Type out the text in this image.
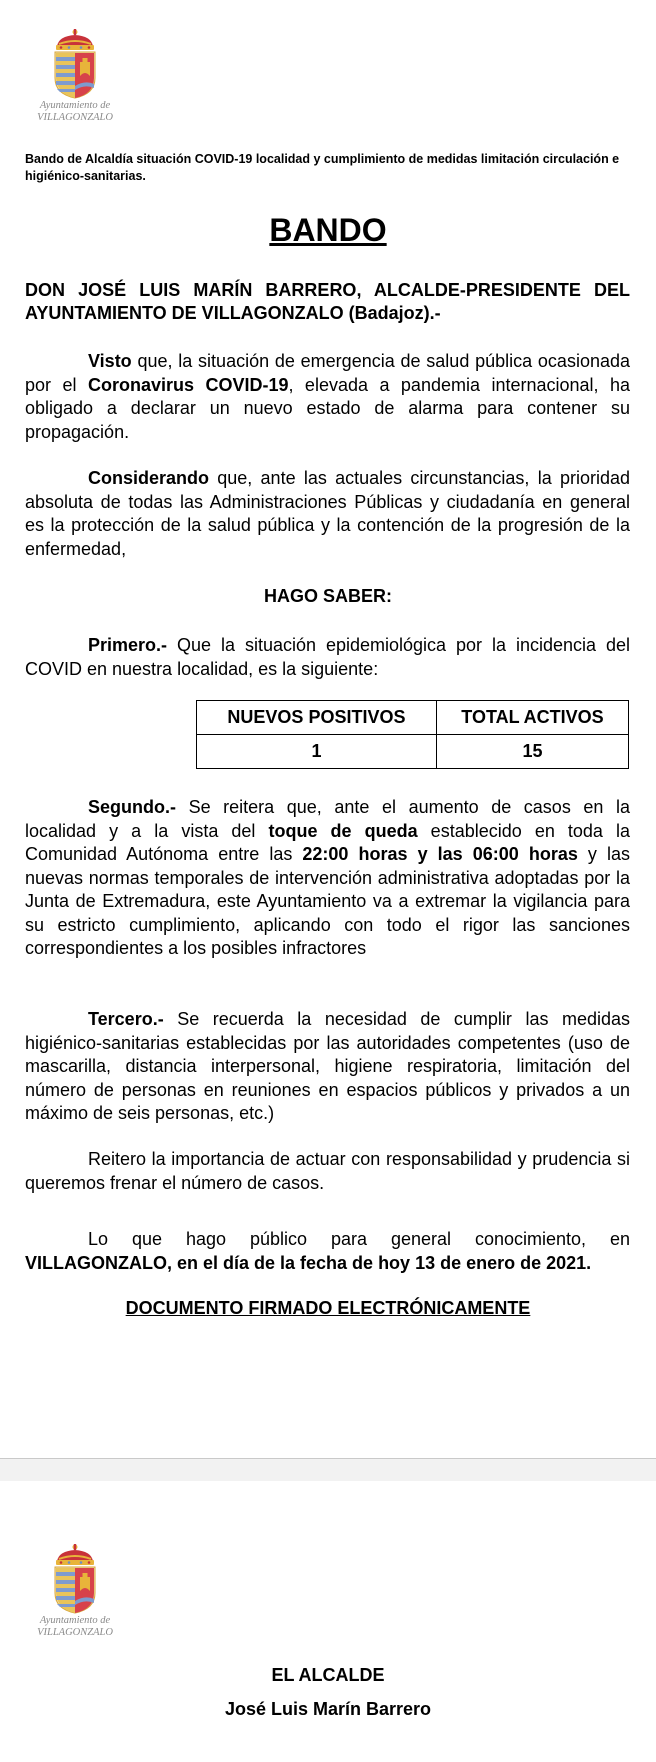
Ayuntamiento de
VILLAGONZALO
Bando de Alcaldía situación COVID-19 localidad y cumplimiento de medidas limitación circulación e higiénico-sanitarias.
BANDO
DON JOSÉ LUIS MARÍN BARRERO, ALCALDE-PRESIDENTE DEL AYUNTAMIENTO DE VILLAGONZALO (Badajoz).-
Visto que, la situación de emergencia de salud pública ocasionada por el Coronavirus COVID-19, elevada a pandemia internacional, ha obligado a declarar un nuevo estado de alarma para contener su propagación.
Considerando que, ante las actuales circunstancias, la prioridad absoluta de todas las Administraciones Públicas y ciudadanía en general es la protección de la salud pública y la contención de la progresión de la enfermedad,
HAGO SABER:
Primero.- Que la situación epidemiológica por la incidencia del COVID en nuestra localidad, es la siguiente:
NUEVOS POSITIVOS	TOTAL ACTIVOS
1	15
Segundo.- Se reitera que, ante el aumento de casos en la localidad y a la vista del toque de queda establecido en toda la Comunidad Autónoma entre las 22:00 horas y las 06:00 horas y las nuevas normas temporales de intervención administrativa adoptadas por la Junta de Extremadura, este Ayuntamiento va a extremar la vigilancia para su estricto cumplimiento, aplicando con todo el rigor las sanciones correspondientes a los posibles infractores
Tercero.- Se recuerda la necesidad de cumplir las medidas higiénico-sanitarias establecidas por las autoridades competentes (uso de mascarilla, distancia interpersonal, higiene respiratoria, limitación del número de personas en reuniones en espacios públicos y privados a un máximo de seis personas, etc.)
Reitero la importancia de actuar con responsabilidad y prudencia si queremos frenar el número de casos.
Lo que hago público para general conocimiento, en VILLAGONZALO, en el día de la fecha de hoy 13 de enero de 2021.
DOCUMENTO FIRMADO ELECTRÓNICAMENTE
Ayuntamiento de
VILLAGONZALO
EL ALCALDE
José Luis Marín Barrero
